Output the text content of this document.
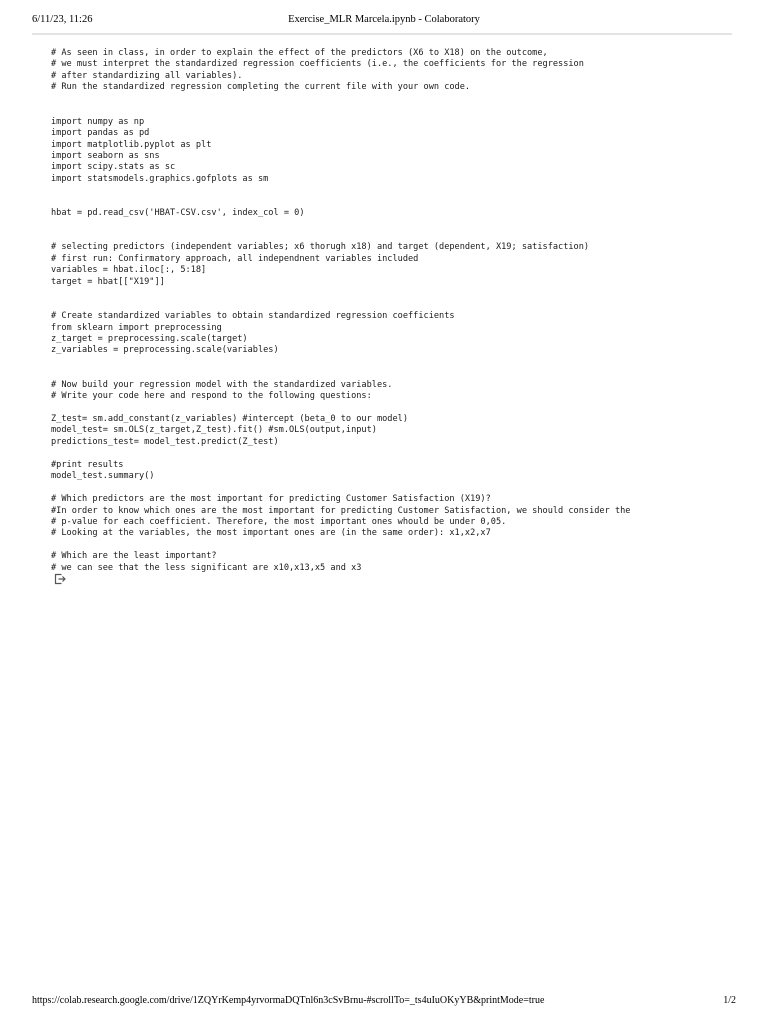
6/11/23, 11:26	Exercise_MLR Marcela.ipynb - Colaboratory
# As seen in class, in order to explain the effect of the predictors (X6 to X18) on the outcome,
# we must interpret the standardized regression coefficients (i.e., the coefficients for the regression
# after standardizing all variables).
# Run the standardized regression completing the current file with your own code.
import numpy as np
import pandas as pd
import matplotlib.pyplot as plt
import seaborn as sns
import scipy.stats as sc
import statsmodels.graphics.gofplots as sm
hbat = pd.read_csv('HBAT-CSV.csv', index_col = 0)
# selecting predictors (independent variables; x6 thorugh x18) and target (dependent, X19; satisfaction)
# first run: Confirmatory approach, all independnent variables included
variables = hbat.iloc[:, 5:18]
target = hbat[["X19"]]
# Create standardized variables to obtain standardized regression coefficients
from sklearn import preprocessing
z_target = preprocessing.scale(target)
z_variables = preprocessing.scale(variables)
# Now build your regression model with the standardized variables.
# Write your code here and respond to the following questions:
Z_test= sm.add_constant(z_variables) #intercept (beta_0 to our model)
model_test= sm.OLS(z_target,Z_test).fit() #sm.OLS(output,input)
predictions_test= model_test.predict(Z_test)
#print results
model_test.summary()
# Which predictors are the most important for predicting Customer Satisfaction (X19)?
#In order to know which ones are the most important for predicting Customer Satisfaction, we should consider the
# p-value for each coefficient. Therefore, the most important ones whould be under 0,05.
# Looking at the variables, the most important ones are (in the same order): x1,x2,x7
# Which are the least important?
# we can see that the less significant are x10,x13,x5 and x3
https://colab.research.google.com/drive/1ZQYrKemp4yrvormaDQTnl6n3cSvBrnu-#scrollTo=_ts4uIuOKyYB&printMode=true	1/2
